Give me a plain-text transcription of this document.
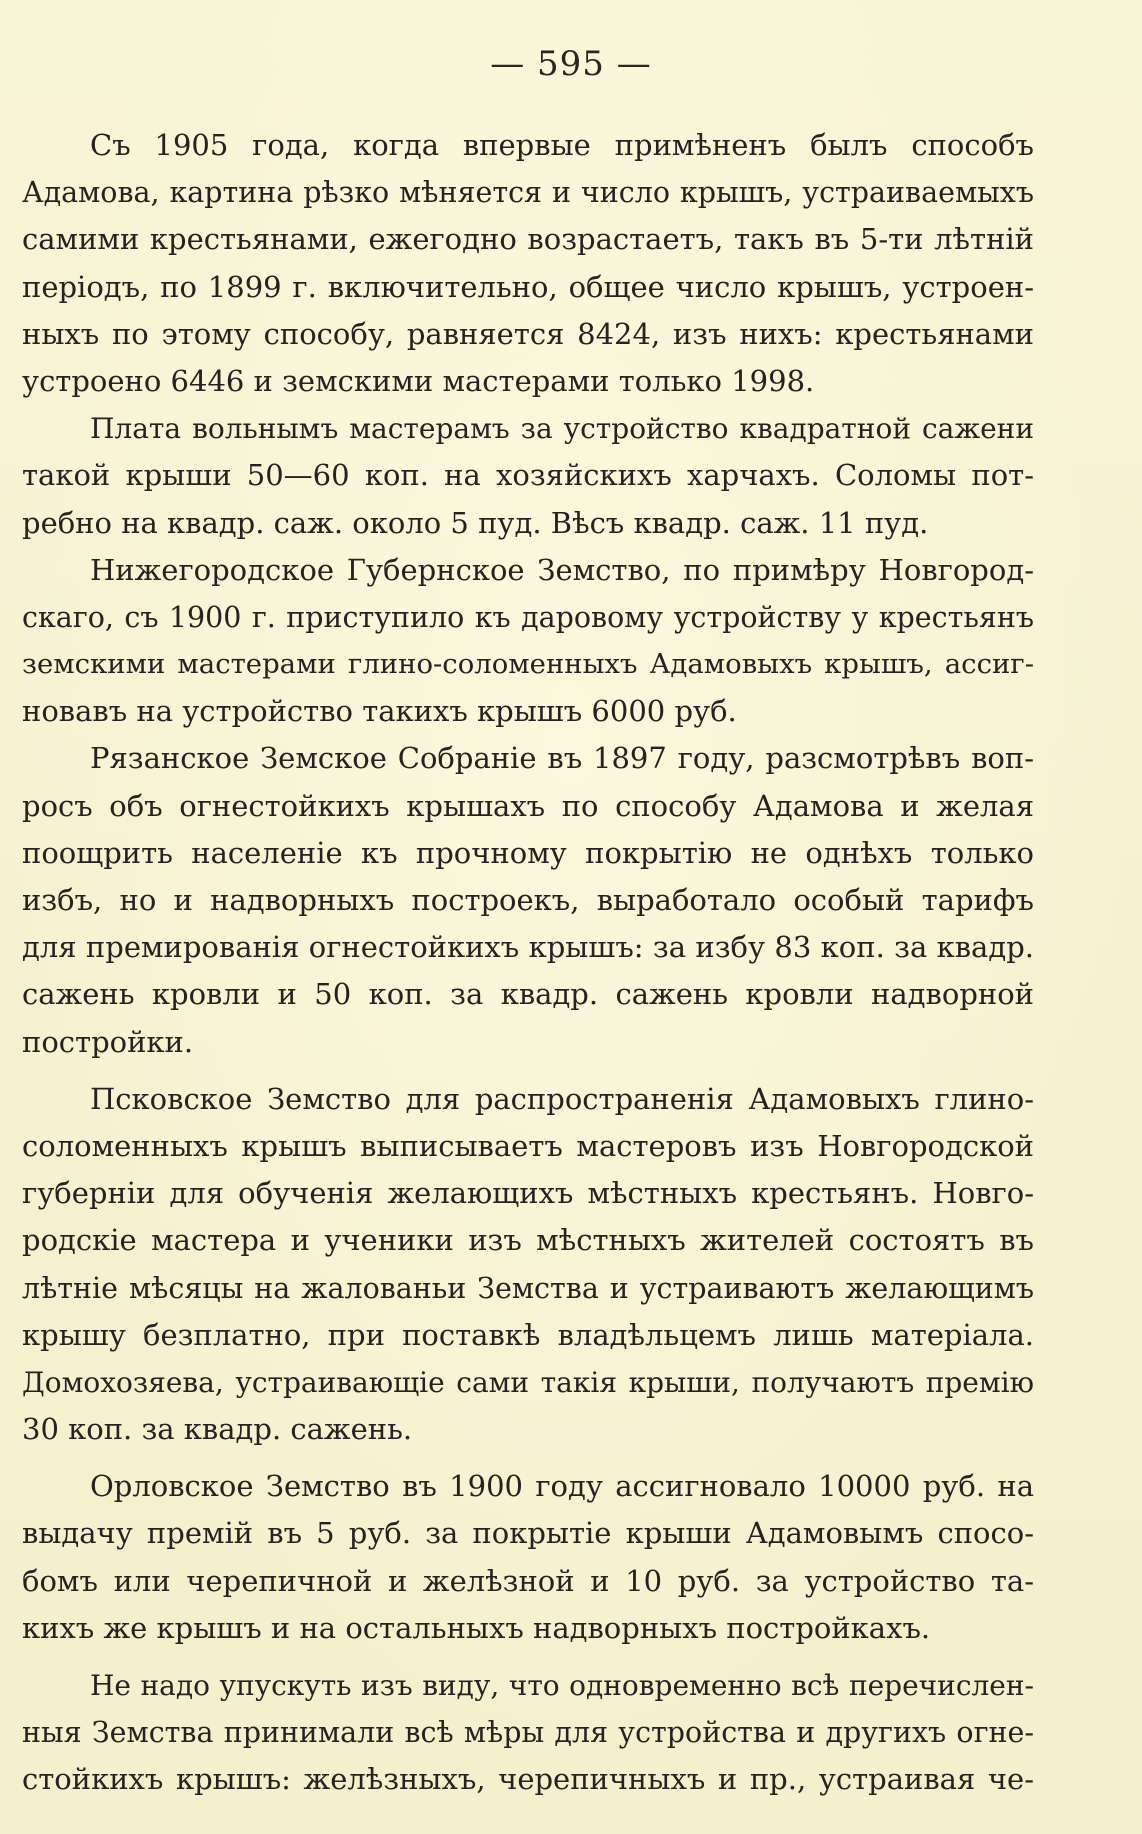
— 595 —
Съ 1905 года, когда впервые примѣненъ былъ способъ
Адамова, картина рѣзко мѣняется и число крышъ, устраиваемыхъ
самими крестьянами, ежегодно возрастаетъ, такъ въ 5-ти лѣтній
періодъ, по 1899 г. включительно, общее число крышъ, устроен-
ныхъ по этому способу, равняется 8424, изъ нихъ: крестьянами
устроено 6446 и земскими мастерами только 1998.
Плата вольнымъ мастерамъ за устройство квадратной сажени
такой крыши 50—60 коп. на хозяйскихъ харчахъ. Соломы пот-
ребно на квадр. саж. около 5 пуд. Вѣсъ квадр. саж. 11 пуд.
Нижегородское Губернское Земство, по примѣру Новгород-
скаго, съ 1900 г. приступило къ даровому устройству у крестьянъ
земскими мастерами глино-соломенныхъ Адамовыхъ крышъ, ассиг-
новавъ на устройство такихъ крышъ 6000 руб.
Рязанское Земское Собраніе въ 1897 году, разсмотрѣвъ воп-
росъ объ огнестойкихъ крышахъ по способу Адамова и желая
поощрить населеніе къ прочному покрытію не однѣхъ только
избъ, но и надворныхъ построекъ, выработало особый тарифъ
для премированія огнестойкихъ крышъ: за избу 83 коп. за квадр.
сажень кровли и 50 коп. за квадр. сажень кровли надворной
постройки.
Псковское Земство для распространенія Адамовыхъ глино-
соломенныхъ крышъ выписываетъ мастеровъ изъ Новгородской
губерніи для обученія желающихъ мѣстныхъ крестьянъ. Новго-
родскіе мастера и ученики изъ мѣстныхъ жителей состоятъ въ
лѣтніе мѣсяцы на жалованьи Земства и устраиваютъ желающимъ
крышу безплатно, при поставкѣ владѣльцемъ лишь матеріала.
Домохозяева, устраивающіе сами такія крыши, получаютъ премію
30 коп. за квадр. сажень.
Орловское Земство въ 1900 году ассигновало 10000 руб. на
выдачу премій въ 5 руб. за покрытіе крыши Адамовымъ спосо-
бомъ или черепичной и желѣзной и 10 руб. за устройство та-
кихъ же крышъ и на остальныхъ надворныхъ постройкахъ.
Не надо упускуть изъ виду, что одновременно всѣ перечислен-
ныя Земства принимали всѣ мѣры для устройства и другихъ огне-
стойкихъ крышъ: желѣзныхъ, черепичныхъ и пр., устраивая че-
